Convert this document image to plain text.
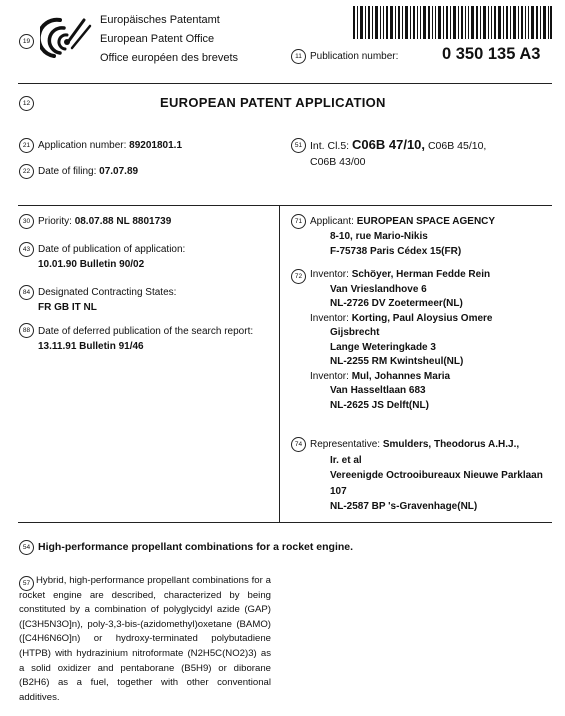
19
Europäisches Patentamt
European Patent Office
Office européen des brevets	11 Publication number:	0 350 135 A3
12	EUROPEAN PATENT APPLICATION
21 Application number: 89201801.1
22 Date of filing: 07.07.89
51 Int. Cl.5: C06B 47/10, C06B 45/10,
C06B 43/00
30 Priority: 08.07.88 NL 8801739
43 Date of publication of application:
10.01.90 Bulletin 90/02
84 Designated Contracting States:
FR GB IT NL
88 Date of deferred publication of the search report:
13.11.91 Bulletin 91/46
71 Applicant: EUROPEAN SPACE AGENCY
8-10, rue Mario-Nikis
F-75738 Paris Cédex 15(FR)
72 Inventor: Schöyer, Herman Fedde Rein
Van Vrieslandhove 6
NL-2726 DV Zoetermeer(NL)
Inventor: Korting, Paul Aloysius Omere
Gijsbrecht
Lange Weteringkade 3
NL-2255 RM Kwintsheul(NL)
Inventor: Mul, Johannes Maria
Van Hasseltlaan 683
NL-2625 JS Delft(NL)
74 Representative: Smulders, Theodorus A.H.J.,
Ir. et al
Vereenigde Octrooibureaux Nieuwe Parklaan
107
NL-2587 BP 's-Gravenhage(NL)
54 High-performance propellant combinations for a rocket engine.
57 Hybrid, high-performance propellant combinations for a rocket engine are described, characterized by being constituted by a combination of polyglycidyl azide (GAP) ([C3H5N3O]n), poly-3,3-bis-(azidomethyl)oxetane (BAMO) ([C4H6N6O]n) or hydroxy-terminated polybutadiene (HTPB) with hydrazinium nitroformate (N2H5C(NO2)3) as a solid oxidizer and pentaborane (B5H9) or diborane (B2H6) as a fuel, together with other conventional additives.
